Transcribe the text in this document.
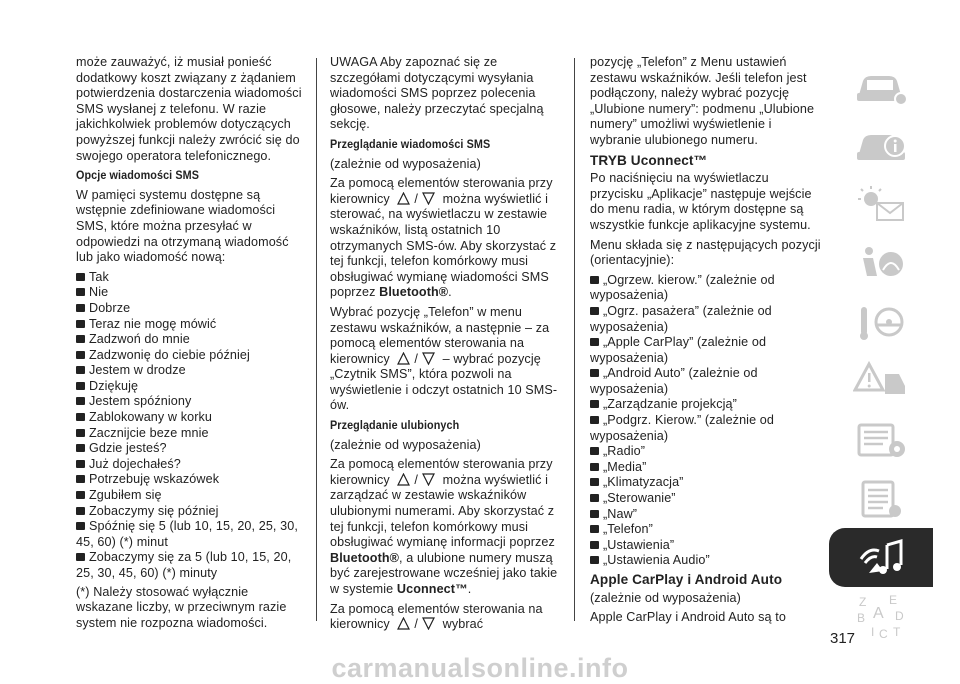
może zauważyć, iż musiał ponieść dodatkowy koszt związany z żądaniem potwierdzenia dostarczenia wiadomości SMS wysłanej z telefonu. W razie jakichkolwiek problemów dotyczących powyższej funkcji należy zwrócić się do swojego operatora telefonicznego.

Opcje wiadomości SMS

W pamięci systemu dostępne są wstępnie zdefiniowane wiadomości SMS, które można przesyłać w odpowiedzi na otrzymaną wiadomość lub jako wiadomość nową:

Tak
Nie
Dobrze
Teraz nie mogę mówić
Zadzwoń do mnie
Zadzwonię do ciebie później
Jestem w drodze
Dziękuję
Jestem spóźniony
Zablokowany w korku
Zacznijcie beze mnie
Gdzie jesteś?
Już dojechałeś?
Potrzebuję wskazówek
Zgubiłem się
Zobaczymy się później
Spóźnię się 5 (lub 10, 15, 20, 25, 30, 45, 60) (*) minut
Zobaczymy się za 5 (lub 10, 15, 20, 25, 30, 45, 60) (*) minuty

(*) Należy stosować wyłącznie wskazane liczby, w przeciwnym razie system nie rozpozna wiadomości.

UWAGA Aby zapoznać się ze szczegółami dotyczącymi wysyłania wiadomości SMS poprzez polecenia głosowe, należy przeczytać specjalną sekcję.

Przeglądanie wiadomości SMS

(zależnie od wyposażenia)

Za pomocą elementów sterowania przy kierownicy / można wyświetlić i sterować, na wyświetlaczu w zestawie wskaźników, listą ostatnich 10 otrzymanych SMS-ów. Aby skorzystać z tej funkcji, telefon komórkowy musi obsługiwać wymianę wiadomości SMS poprzez Bluetooth®.

Wybrać pozycję „Telefon” w menu zestawu wskaźników, a następnie – za pomocą elementów sterowania na kierownicy / – wybrać pozycję „Czytnik SMS”, która pozwoli na wyświetlenie i odczyt ostatnich 10 SMS-ów.

Przeglądanie ulubionych

(zależnie od wyposażenia)

Za pomocą elementów sterowania przy kierownicy / można wyświetlić i zarządzać w zestawie wskaźników ulubionymi numerami. Aby skorzystać z tej funkcji, telefon komórkowy musi obsługiwać wymianę informacji poprzez Bluetooth®, a ulubione numery muszą być zarejestrowane wcześniej jako takie w systemie Uconnect™.

Za pomocą elementów sterowania na kierownicy / wybrać

pozycję „Telefon” z Menu ustawień zestawu wskaźników. Jeśli telefon jest podłączony, należy wybrać pozycję „Ulubione numery”: podmenu „Ulubione numery” umożliwi wyświetlenie i wybranie ulubionego numeru.

TRYB Uconnect™

Po naciśnięciu na wyświetlaczu przycisku „Aplikacje” następuje wejście do menu radia, w którym dostępne są wszystkie funkcje aplikacyjne systemu.

Menu składa się z następujących pozycji (orientacyjnie):

„Ogrzew. kierow.” (zależnie od wyposażenia)
„Ogrz. pasażera” (zależnie od wyposażenia)
„Apple CarPlay” (zależnie od wyposażenia)
„Android Auto” (zależnie od wyposażenia)
„Zarządzanie projekcją”
„Podgrz. Kierow.” (zależnie od wyposażenia)
„Radio”
„Media”
„Klimatyzacja”
„Sterowanie”
„Naw”
„Telefon”
„Ustawienia”
„Ustawienia Audio”
Apple CarPlay i Android Auto

(zależnie od wyposażenia)

Apple CarPlay i Android Auto są to

Z E
B D
A
I C T
317
carmanualsonline.info
